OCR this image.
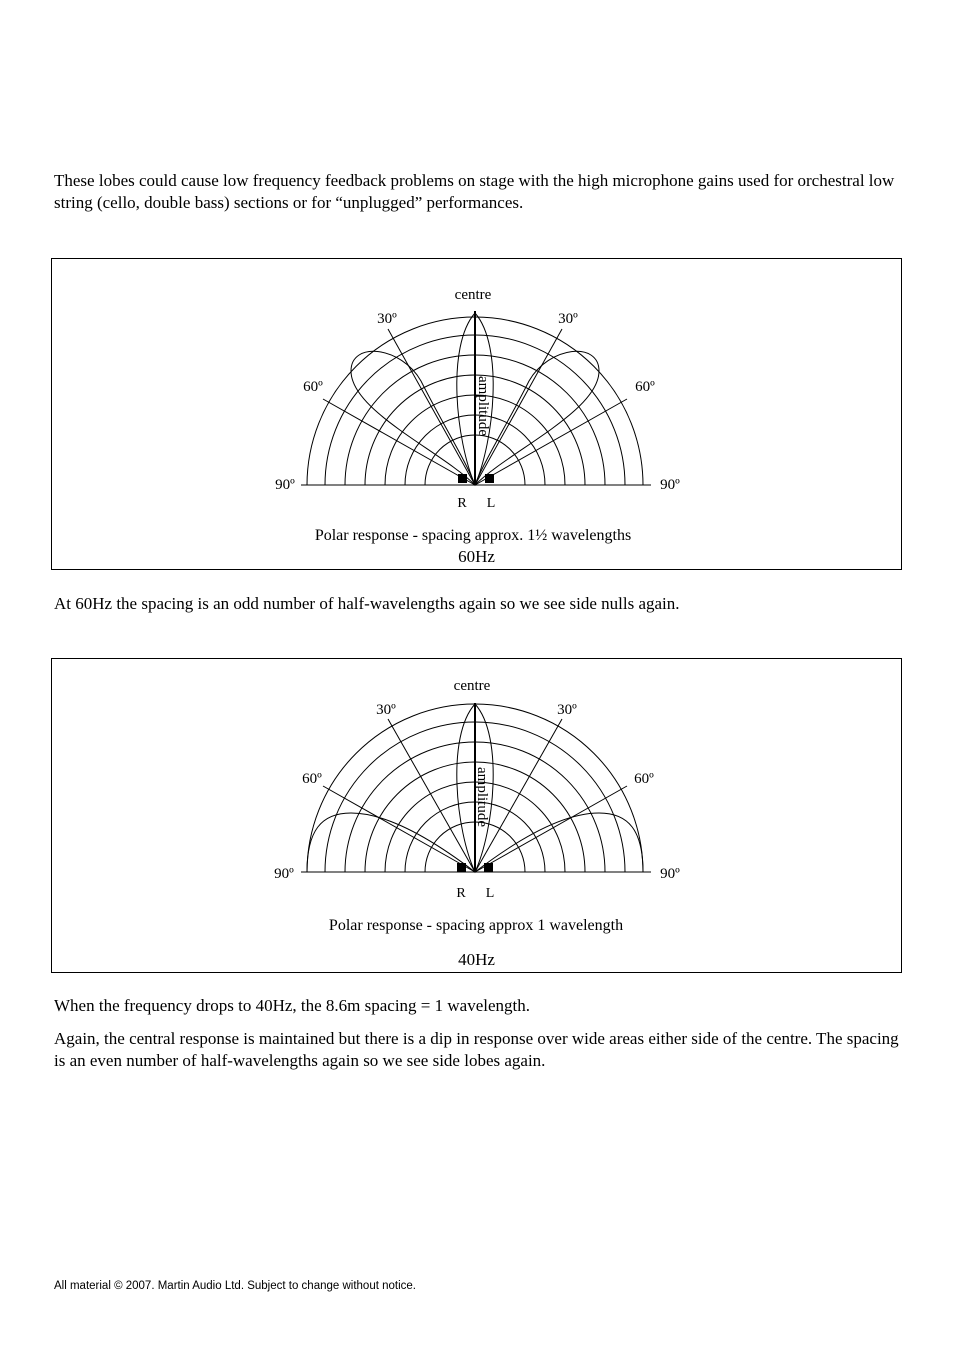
These lobes could cause low frequency feedback problems on stage with the high microphone gains used for orchestral low string (cello, double bass) sections or for “unplugged” performances.

centre
30º	30º
60º	60º
90º	90º
amplitude
R L
Polar response - spacing approx. 1½ wavelengths
60Hz

At 60Hz the spacing is an odd number of half-wavelengths again so we see side nulls again.

centre
30º	30º
60º	60º
90º	90º
amplitude
R L
Polar response - spacing approx 1 wavelength
40Hz

When the frequency drops to 40Hz, the 8.6m spacing = 1 wavelength.

Again, the central response is maintained but there is a dip in response over wide areas either side of the centre. The spacing is an even number of half-wavelengths again so we see side lobes again.

All material © 2007. Martin Audio Ltd. Subject to change without notice.
